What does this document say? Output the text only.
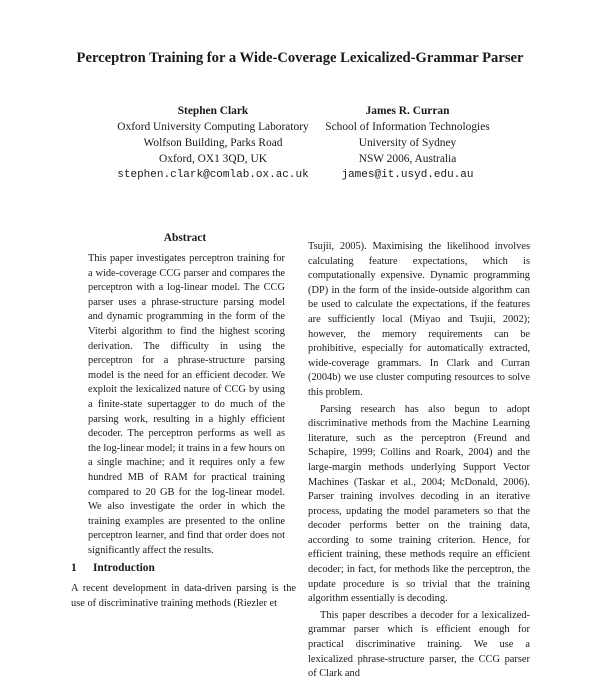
Perceptron Training for a Wide-Coverage Lexicalized-Grammar Parser
Stephen Clark
Oxford University Computing Laboratory
Wolfson Building, Parks Road
Oxford, OX1 3QD, UK
stephen.clark@comlab.ox.ac.uk
James R. Curran
School of Information Technologies
University of Sydney
NSW 2006, Australia
james@it.usyd.edu.au
Abstract

This paper investigates perceptron training for a wide-coverage CCG parser and compares the perceptron with a log-linear model. The CCG parser uses a phrase-structure parsing model and dynamic programming in the form of the Viterbi algorithm to find the highest scoring derivation. The difficulty in using the perceptron for a phrase-structure parsing model is the need for an efficient decoder. We exploit the lexicalized nature of CCG by using a finite-state supertagger to do much of the parsing work, resulting in a highly efficient decoder. The perceptron performs as well as the log-linear model; it trains in a few hours on a single machine; and it requires only a few hundred MB of RAM for practical training compared to 20 GB for the log-linear model. We also investigate the order in which the training examples are presented to the online perceptron learner, and find that order does not significantly affect the results.

1 Introduction
A recent development in data-driven parsing is the use of discriminative training methods (Riezler et

Tsujii, 2005). Maximising the likelihood involves calculating feature expectations, which is computationally expensive. Dynamic programming (DP) in the form of the inside-outside algorithm can be used to calculate the expectations, if the features are sufficiently local (Miyao and Tsujii, 2002); however, the memory requirements can be prohibitive, especially for automatically extracted, wide-coverage grammars. In Clark and Curran (2004b) we use cluster computing resources to solve this problem.

Parsing research has also begun to adopt discriminative methods from the Machine Learning literature, such as the perceptron (Freund and Schapire, 1999; Collins and Roark, 2004) and the large-margin methods underlying Support Vector Machines (Taskar et al., 2004; McDonald, 2006). Parser training involves decoding in an iterative process, updating the model parameters so that the decoder performs better on the training data, according to some training criterion. Hence, for efficient training, these methods require an efficient decoder; in fact, for methods like the perceptron, the update procedure is so trivial that the training algorithm essentially is decoding.

This paper describes a decoder for a lexicalized-grammar parser which is efficient enough for practical discriminative training. We use a lexicalized phrase-structure parser, the CCG parser of Clark and
